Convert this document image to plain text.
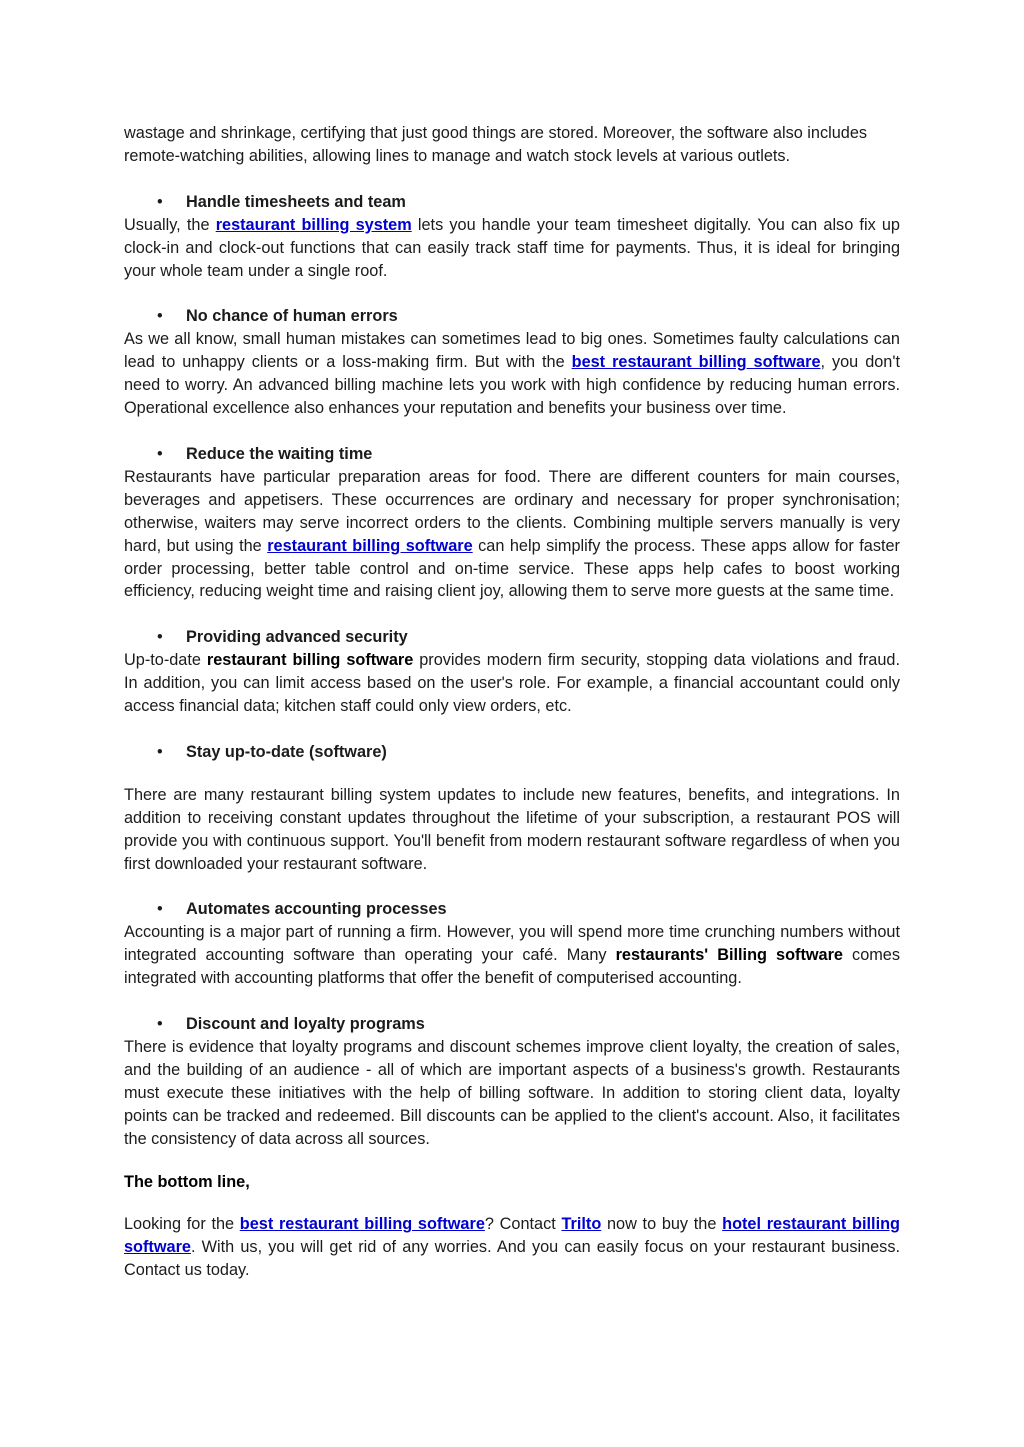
wastage and shrinkage, certifying that just good things are stored. Moreover, the software also includes remote-watching abilities, allowing lines to manage and watch stock levels at various outlets.

• Handle timesheets and team

Usually, the restaurant billing system lets you handle your team timesheet digitally. You can also fix up clock-in and clock-out functions that can easily track staff time for payments. Thus, it is ideal for bringing your whole team under a single roof.

• No chance of human errors

As we all know, small human mistakes can sometimes lead to big ones. Sometimes faulty calculations can lead to unhappy clients or a loss-making firm. But with the best restaurant billing software, you don't need to worry. An advanced billing machine lets you work with high confidence by reducing human errors. Operational excellence also enhances your reputation and benefits your business over time.

• Reduce the waiting time

Restaurants have particular preparation areas for food. There are different counters for main courses, beverages and appetisers. These occurrences are ordinary and necessary for proper synchronisation; otherwise, waiters may serve incorrect orders to the clients. Combining multiple servers manually is very hard, but using the restaurant billing software can help simplify the process. These apps allow for faster order processing, better table control and on-time service. These apps help cafes to boost working efficiency, reducing weight time and raising client joy, allowing them to serve more guests at the same time.

• Providing advanced security

Up-to-date restaurant billing software provides modern firm security, stopping data violations and fraud. In addition, you can limit access based on the user's role. For example, a financial accountant could only access financial data; kitchen staff could only view orders, etc.

• Stay up-to-date (software)

There are many restaurant billing system updates to include new features, benefits, and integrations. In addition to receiving constant updates throughout the lifetime of your subscription, a restaurant POS will provide you with continuous support. You'll benefit from modern restaurant software regardless of when you first downloaded your restaurant software.

• Automates accounting processes

Accounting is a major part of running a firm. However, you will spend more time crunching numbers without integrated accounting software than operating your café. Many restaurants' Billing software comes integrated with accounting platforms that offer the benefit of computerised accounting.

• Discount and loyalty programs

There is evidence that loyalty programs and discount schemes improve client loyalty, the creation of sales, and the building of an audience - all of which are important aspects of a business's growth. Restaurants must execute these initiatives with the help of billing software. In addition to storing client data, loyalty points can be tracked and redeemed. Bill discounts can be applied to the client's account. Also, it facilitates the consistency of data across all sources.

The bottom line,

Looking for the best restaurant billing software? Contact Trilto now to buy the hotel restaurant billing software. With us, you will get rid of any worries. And you can easily focus on your restaurant business. Contact us today.
